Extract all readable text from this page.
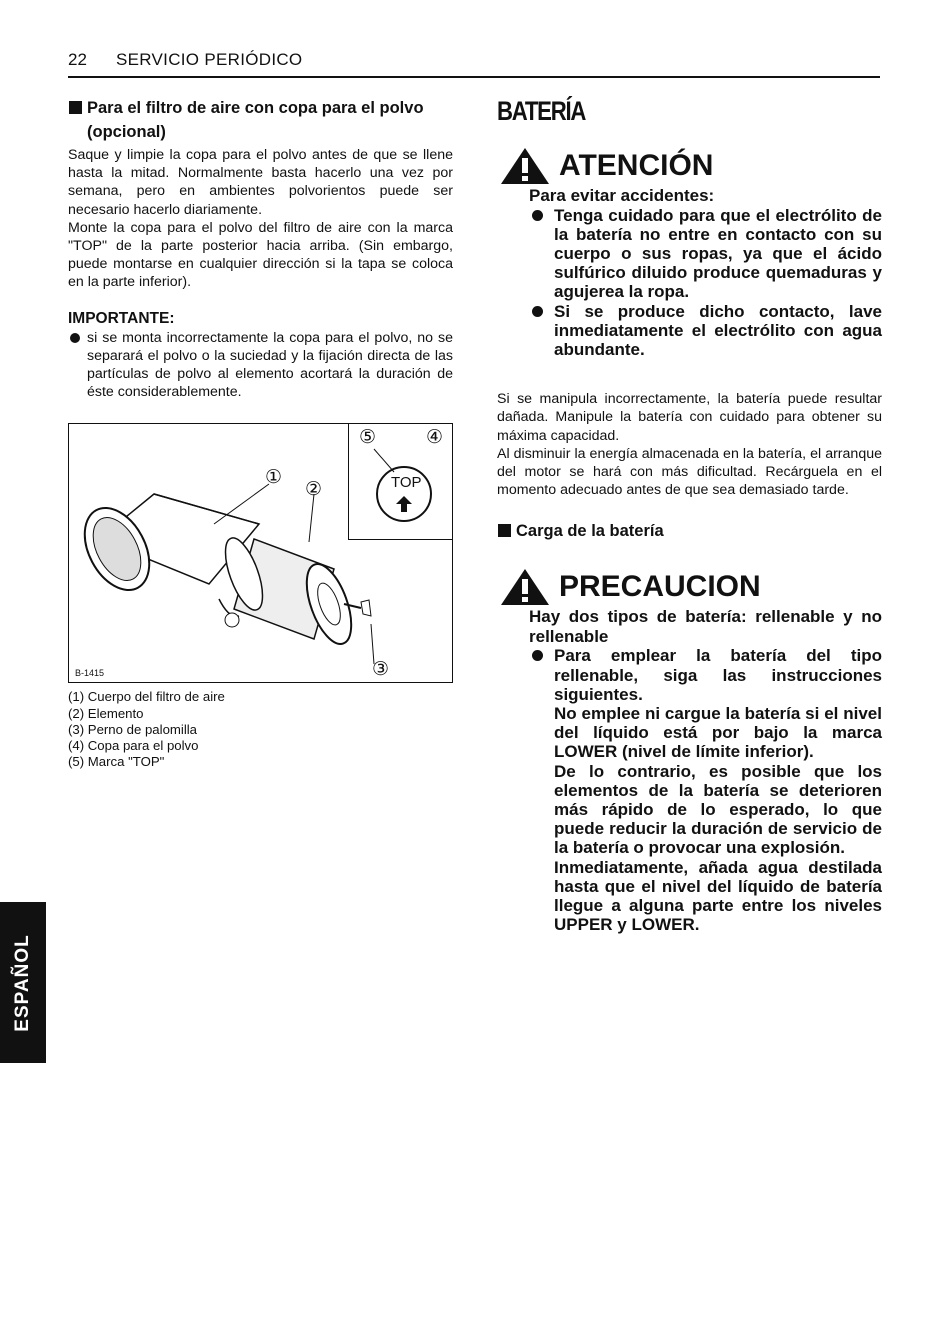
22 SERVICIO PERIÓDICO
Para el filtro de aire con copa para el polvo (opcional)

Saque y limpie la copa para el polvo antes de que se llene hasta la mitad. Normalmente basta hacerlo una vez por semana, pero en ambientes polvorientos puede ser necesario hacerlo diariamente.

Monte la copa para el polvo del filtro de aire con la marca "TOP" de la parte posterior hacia arriba. (Sin embargo, puede montarse en cualquier dirección si la tapa se coloca en la parte inferior).

IMPORTANTE:
si se monta incorrectamente la copa para el polvo, no se separará el polvo o la suciedad y la fijación directa de las partículas de polvo al elemento acortará la duración de éste considerablemente.
TOP
①
②
③
④
⑤
B-1415
(1) Cuerpo del filtro de aire
(2) Elemento
(3) Perno de palomilla
(4) Copa para el polvo
(5) Marca "TOP"
BATERÍA
ATENCIÓN
Para evitar accidentes:
Tenga cuidado para que el electrólito de la batería no entre en contacto con su cuerpo o sus ropas, ya que el ácido sulfúrico diluido produce quemaduras y agujerea la ropa.
Si se produce dicho contacto, lave inmediatamente el electrólito con agua abundante.

Si se manipula incorrectamente, la batería puede resultar dañada. Manipule la batería con cuidado para obtener su máxima capacidad.

Al disminuir la energía almacenada en la batería, el arranque del motor se hará con más dificultad. Recárguela en el momento adecuado antes de que sea demasiado tarde.

Carga de la batería
PRECAUCION
Hay dos tipos de batería: rellenable y no rellenable
Para emplear la batería del tipo rellenable, siga las instrucciones siguientes.
No emplee ni cargue la batería si el nivel del líquido está por bajo la marca LOWER (nivel de límite inferior).
De lo contrario, es posible que los elementos de la batería se deterioren más rápido de lo esperado, lo que puede reducir la duración de servicio de la batería o provocar una explosión.
Inmediatamente, añada agua destilada hasta que el nivel del líquido de batería llegue a alguna parte entre los niveles UPPER y LOWER.
ESPAÑOL
